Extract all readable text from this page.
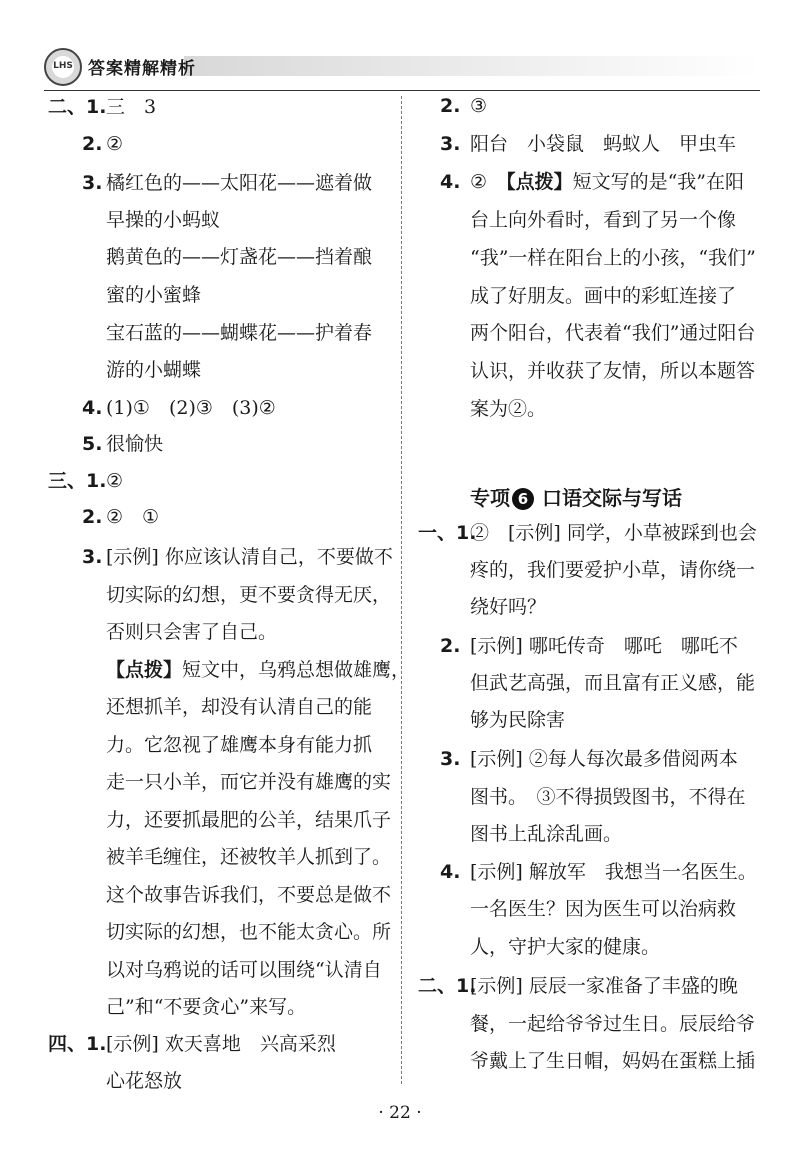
LHS 答案精解精析
二、1. 三　3
2. ②
3. 橘红色的——太阳花——遮着做
早操的小蚂蚁
鹅黄色的——灯盏花——挡着酿
蜜的小蜜蜂
宝石蓝的——蝴蝶花——护着春
游的小蝴蝶
4. (1)①　(2)③　(3)②
5. 很愉快
三、1. ②
2. ②　①
3. [示例] 你应该认清自己，不要做不
切实际的幻想，更不要贪得无厌，
否则只会害了自己。
【点拨】短文中，乌鸦总想做雄鹰，
还想抓羊，却没有认清自己的能
力。它忽视了雄鹰本身有能力抓
走一只小羊，而它并没有雄鹰的实
力，还要抓最肥的公羊，结果爪子
被羊毛缠住，还被牧羊人抓到了。
这个故事告诉我们，不要总是做不
切实际的幻想，也不能太贪心。所
以对乌鸦说的话可以围绕“认清自
己”和“不要贪心”来写。
四、1. [示例] 欢天喜地　兴高采烈
心花怒放
2. ③
3. 阳台　小袋鼠　蚂蚁人　甲虫车
4. ②　 【点拨】短文写的是“我”在阳
台上向外看时，看到了另一个像
“我”一样在阳台上的小孩，“我们”
成了好朋友。画中的彩虹连接了
两个阳台，代表着“我们”通过阳台
认识，并收获了友情，所以本题答
案为②。
专项 6 口语交际与写话
一、1.
②　[示例] 同学，小草被踩到也会
疼的，我们要爱护小草，请你绕一
绕好吗？
2. [示例] 哪吒传奇　哪吒　哪吒不
但武艺高强，而且富有正义感，能
够为民除害
3. [示例] ②每人每次最多借阅两本
图书。　③不得损毁图书，不得在
图书上乱涂乱画。
4. [示例] 解放军　我想当一名医生。
一名医生？因为医生可以治病救
人，守护大家的健康。
二、1.
[示例] 辰辰一家准备了丰盛的晚
餐，一起给爷爷过生日。辰辰给爷
爷戴上了生日帽，妈妈在蛋糕上插
· 22 ·
